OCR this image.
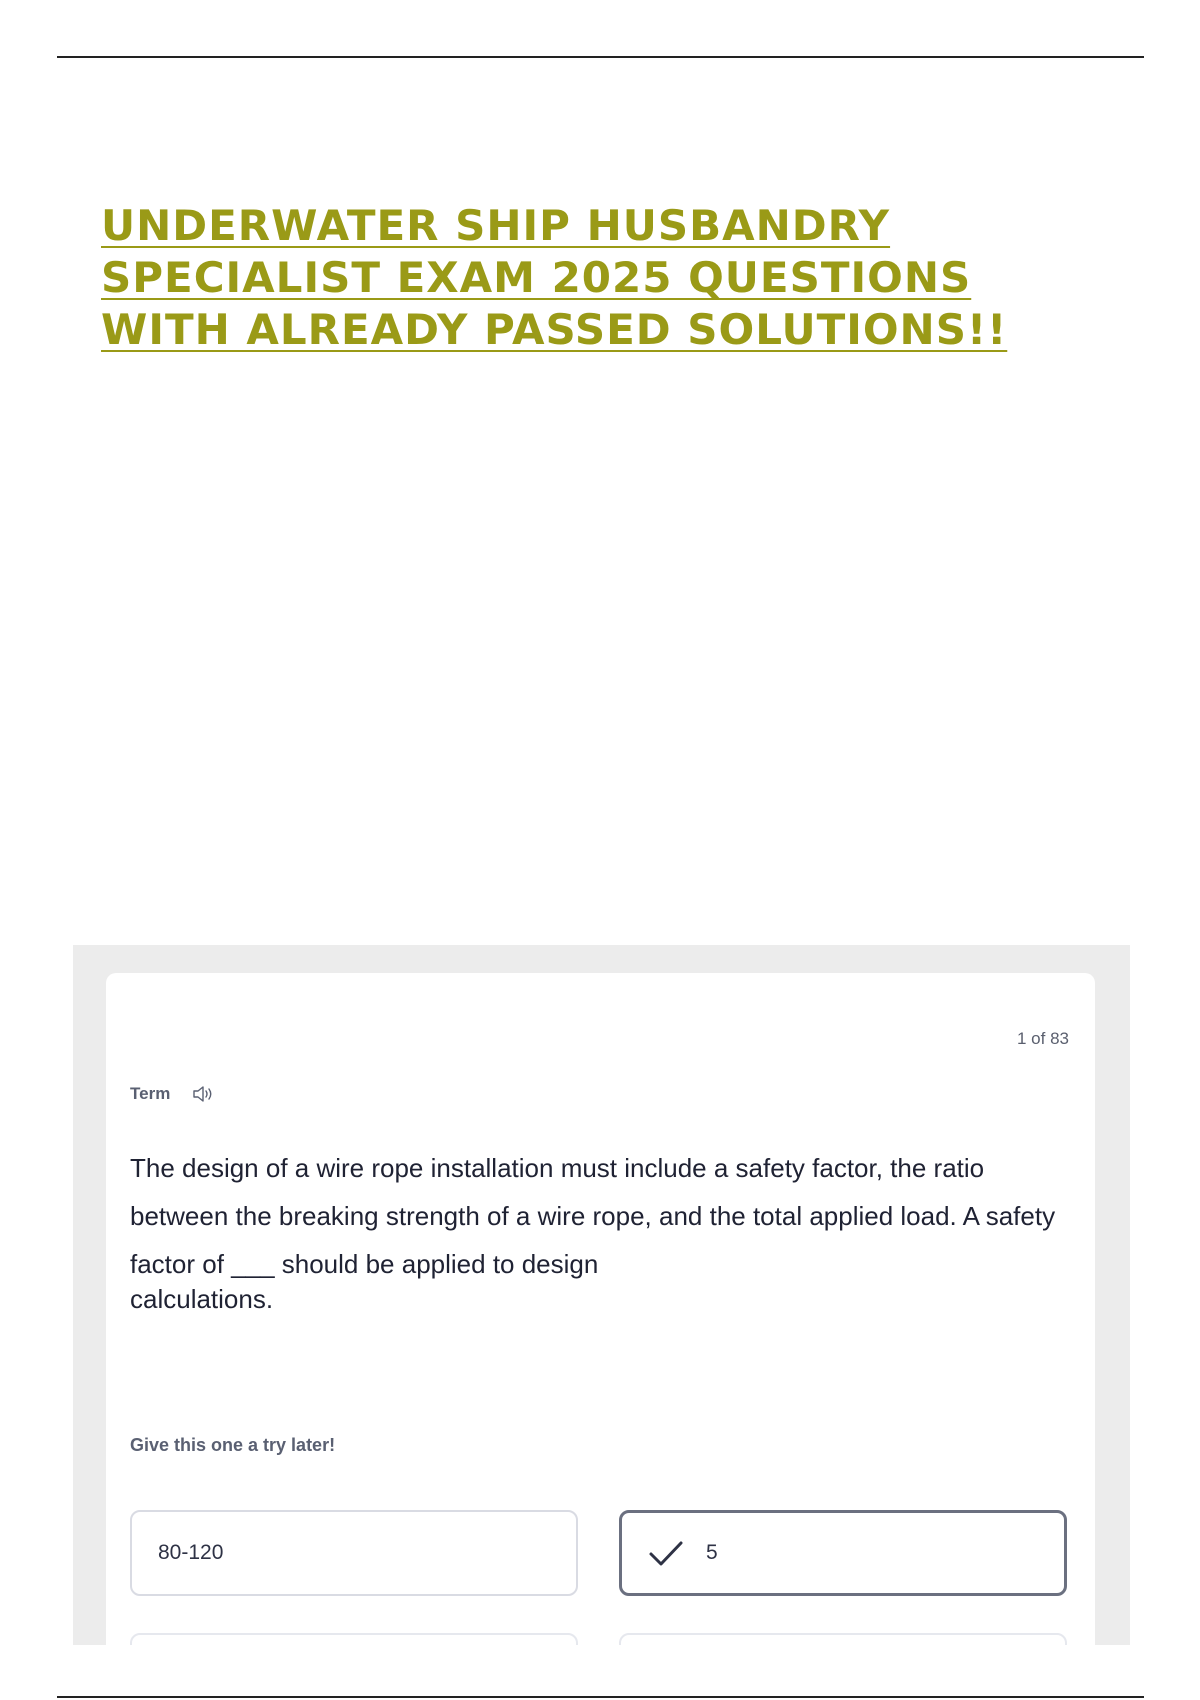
UNDERWATER SHIP HUSBANDRY
SPECIALIST EXAM 2025 QUESTIONS
WITH ALREADY PASSED SOLUTIONS!!
1 of 83
Term

The design of a wire rope installation must include a safety factor, the ratio between the breaking strength of a wire rope, and the total applied load. A safety factor of ___ should be applied to design
calculations.

Give this one a try later!
80-120	5
